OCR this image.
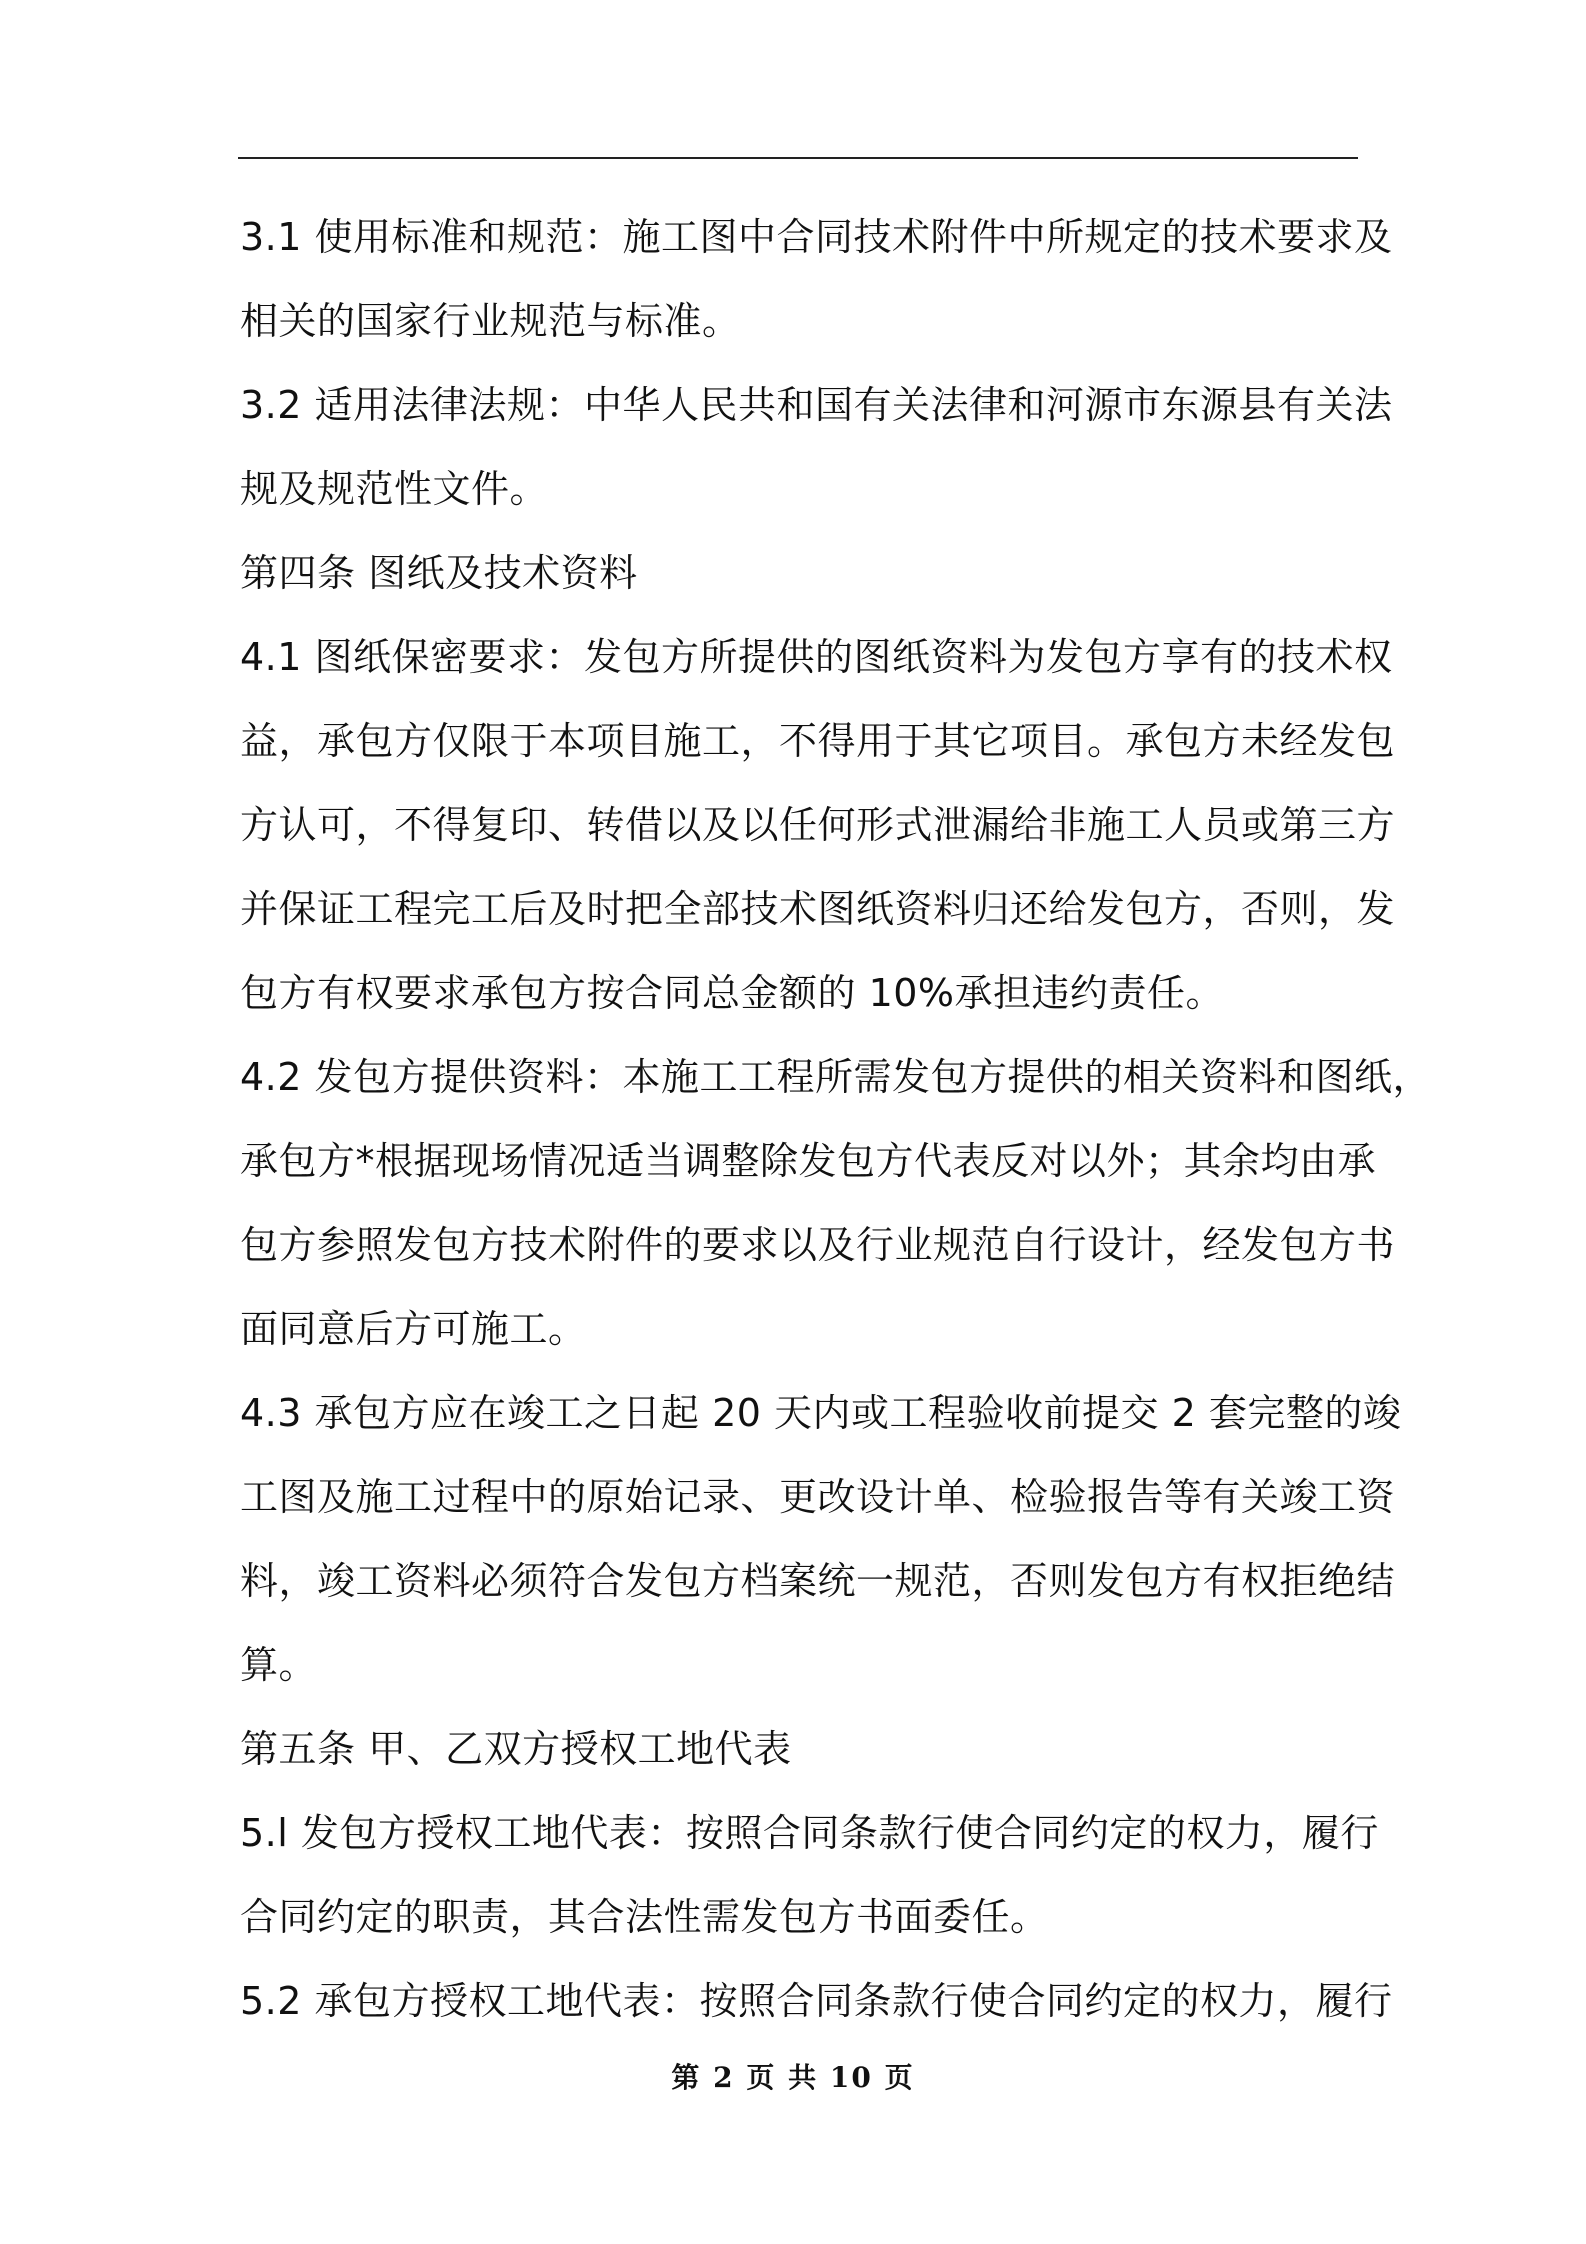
3.1 使用标准和规范：施工图中合同技术附件中所规定的技术要求及
相关的国家行业规范与标准。
3.2 适用法律法规：中华人民共和国有关法律和河源市东源县有关法
规及规范性文件。
第四条 图纸及技术资料
4.1 图纸保密要求：发包方所提供的图纸资料为发包方享有的技术权
益，承包方仅限于本项目施工，不得用于其它项目。承包方未经发包
方认可，不得复印、转借以及以任何形式泄漏给非施工人员或第三方
并保证工程完工后及时把全部技术图纸资料归还给发包方，否则，发
包方有权要求承包方按合同总金额的 10%承担违约责任。
4.2 发包方提供资料：本施工工程所需发包方提供的相关资料和图纸，
承包方*根据现场情况适当调整除发包方代表反对以外；其余均由承
包方参照发包方技术附件的要求以及行业规范自行设计，经发包方书
面同意后方可施工。
4.3 承包方应在竣工之日起 20 天内或工程验收前提交 2 套完整的竣
工图及施工过程中的原始记录、更改设计单、检验报告等有关竣工资
料，竣工资料必须符合发包方档案统一规范，否则发包方有权拒绝结
算。
第五条 甲、乙双方授权工地代表
5.l 发包方授权工地代表：按照合同条款行使合同约定的权力，履行
合同约定的职责，其合法性需发包方书面委任。
5.2 承包方授权工地代表：按照合同条款行使合同约定的权力，履行
第 2 页 共 10 页
